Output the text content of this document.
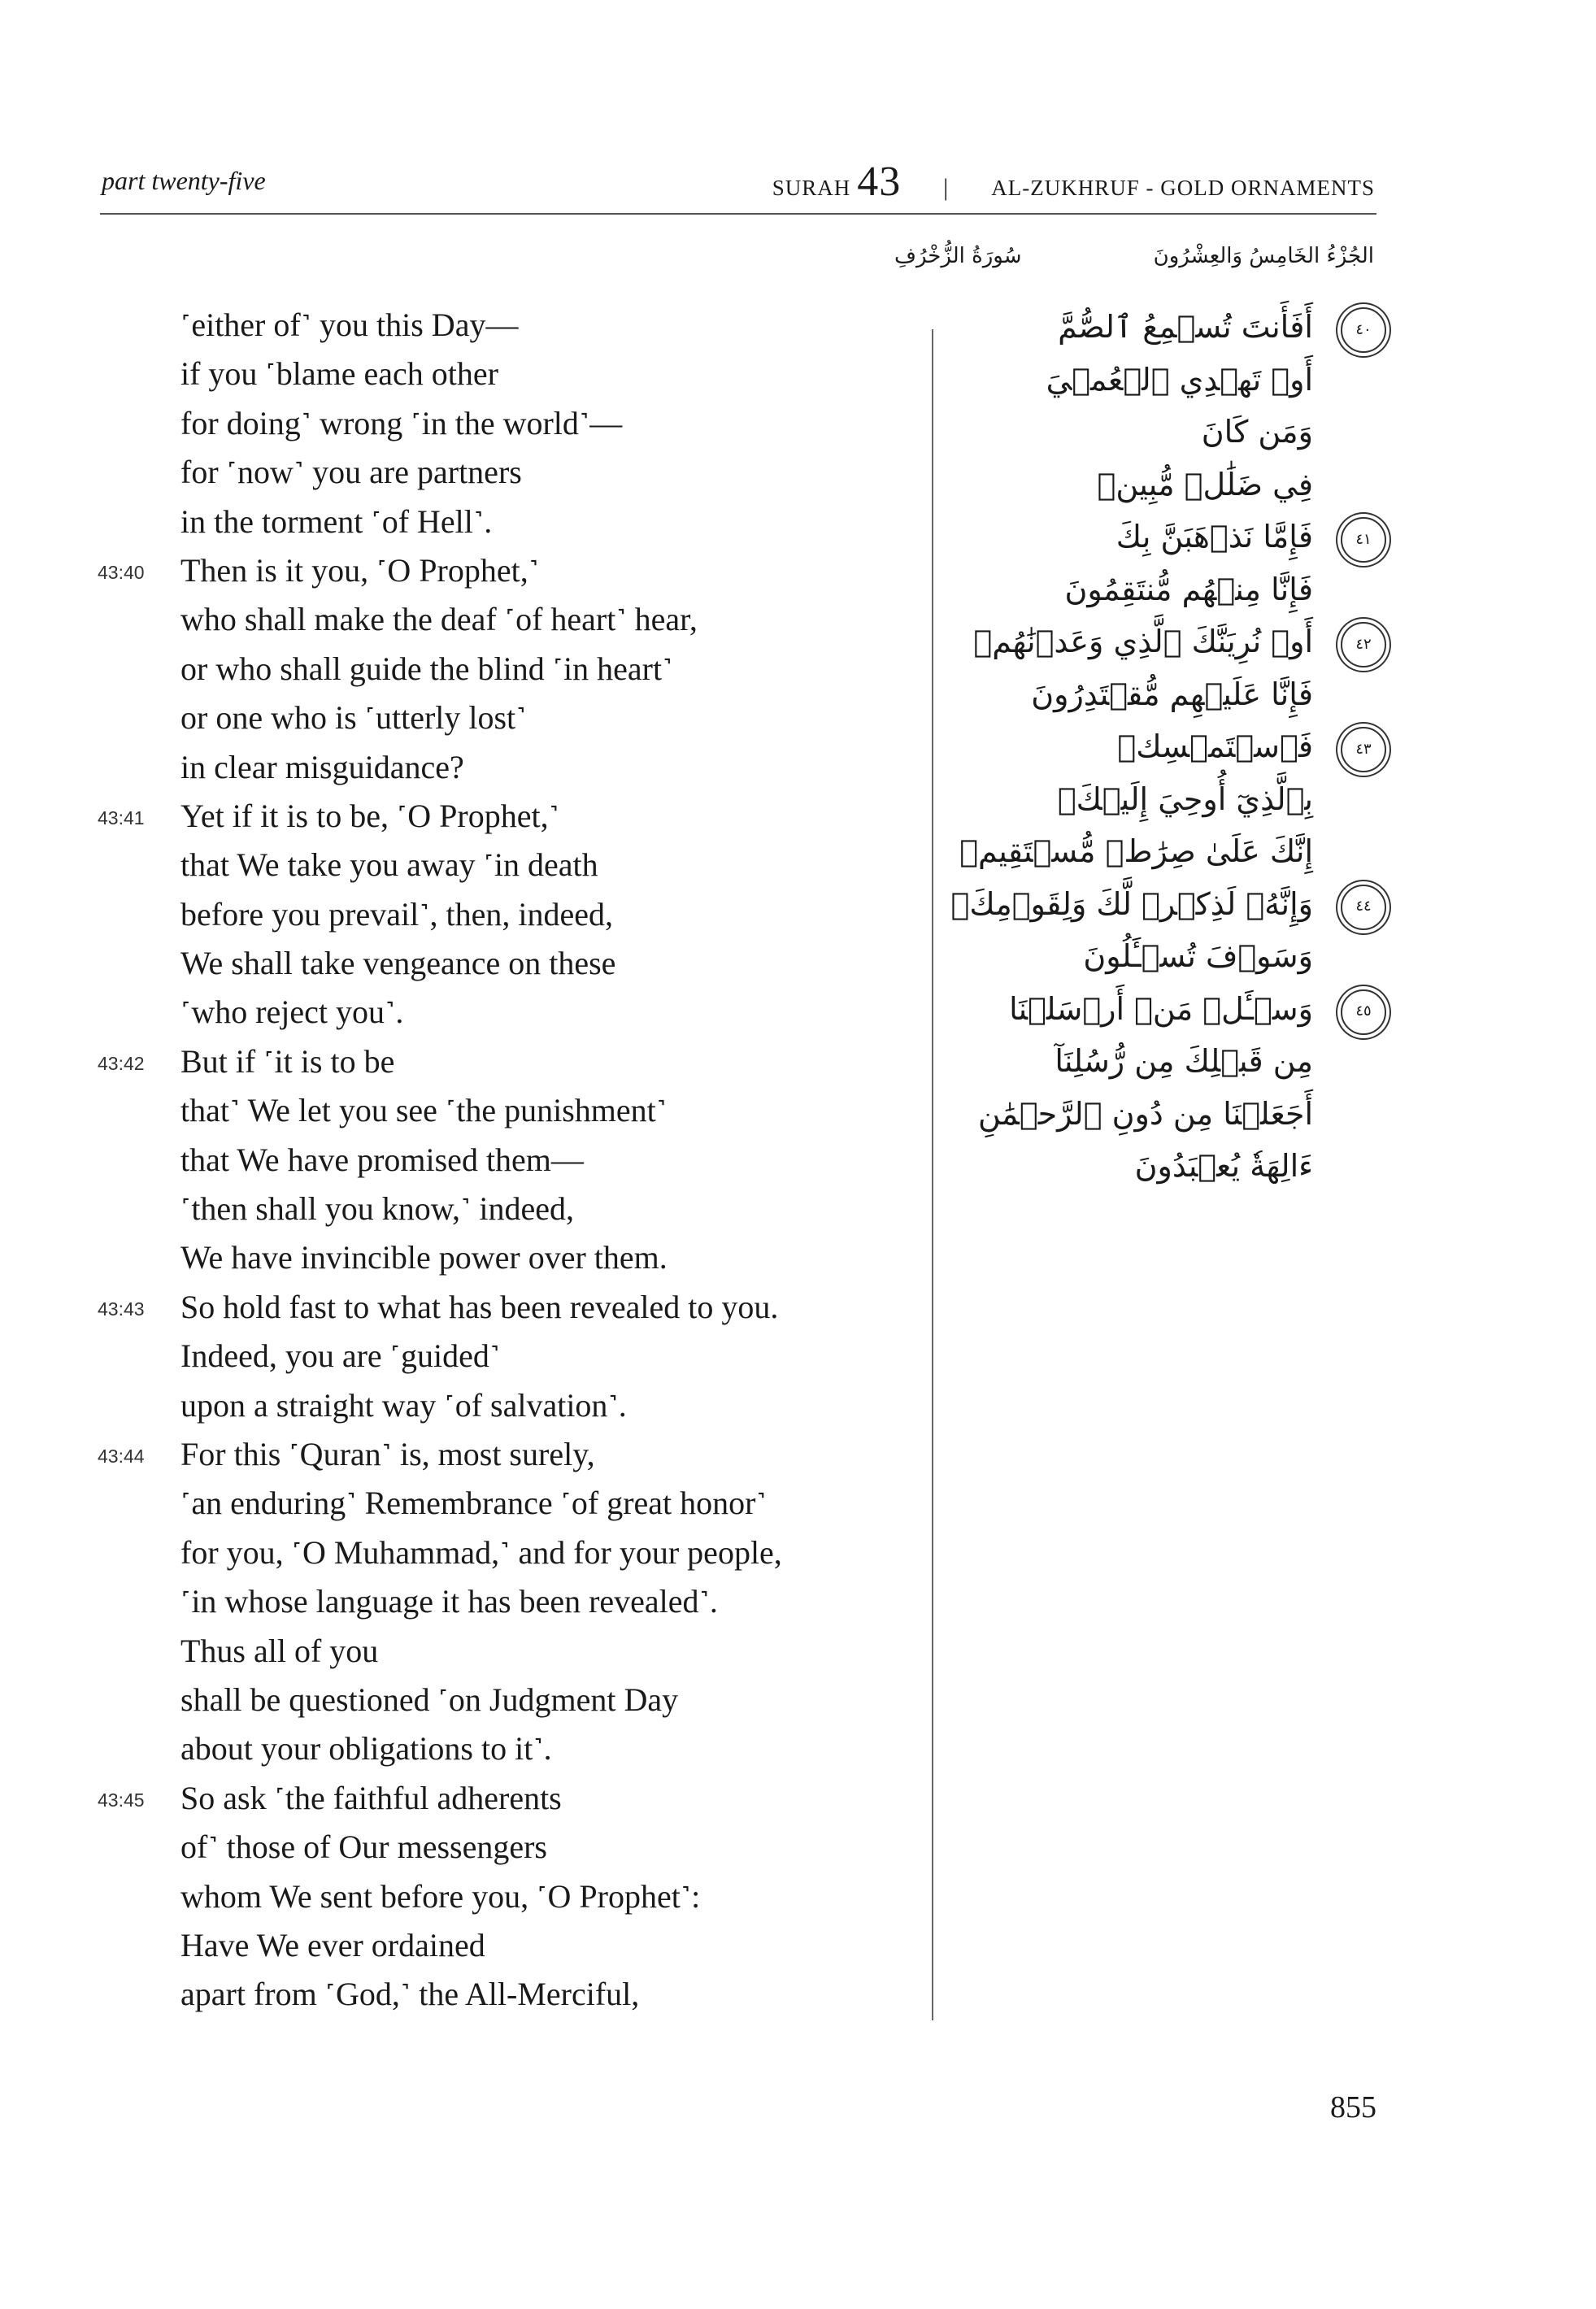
part twenty-five	SURAH 43 | AL-ZUKHRUF - GOLD ORNAMENTS
الجُزْءُ الخَامِسُ وَالعِشْرُونَ
سُورَةُ الزُّخْرُفِ
˹either of˺ you this Day—
if you ˹blame each other
for doing˺ wrong ˹in the world˺—
for ˹now˺ you are partners
in the torment ˹of Hell˺.
43:40 Then is it you, ˹O Prophet,˺
who shall make the deaf ˹of heart˺ hear,
or who shall guide the blind ˹in heart˺
or one who is ˹utterly lost˺
in clear misguidance?
43:41 Yet if it is to be, ˹O Prophet,˺
that We take you away ˹in death
before you prevail˺, then, indeed,
We shall take vengeance on these
˹who reject you˺.
43:42 But if ˹it is to be
that˺ We let you see ˹the punishment˺
that We have promised them—
˹then shall you know,˺ indeed,
We have invincible power over them.
43:43 So hold fast to what has been revealed to you.
Indeed, you are ˹guided˺
upon a straight way ˹of salvation˺.
43:44 For this ˹Quran˺ is, most surely,
˹an enduring˺ Remembrance ˹of great honor˺
for you, ˹O Muhammad,˺ and for your people,
˹in whose language it has been revealed˺.
Thus all of you
shall be questioned ˹on Judgment Day
about your obligations to it˺.
43:45 So ask ˹the faithful adherents
of˺ those of Our messengers
whom We sent before you, ˹O Prophet˺:
Have We ever ordained
apart from ˹God,˺ the All-Merciful,
٤٠
أَفَأَنتَ تُسۡمِعُ ٱلصُّمَّ
أَوۡ تَهۡدِي ٱلۡعُمۡيَ
وَمَن كَانَ
فِي ضَلَٰلٖ مُّبِينٖ
٤١
فَإِمَّا نَذۡهَبَنَّ بِكَ
فَإِنَّا مِنۡهُم مُّنتَقِمُونَ
٤٢
أَوۡ نُرِيَنَّكَ ٱلَّذِي وَعَدۡنَٰهُمۡ
فَإِنَّا عَلَيۡهِم مُّقۡتَدِرُونَ
٤٣
فَٱسۡتَمۡسِكۡ
بِٱلَّذِيٓ أُوحِيَ إِلَيۡكَۖ
إِنَّكَ عَلَىٰ صِرَٰطٖ مُّسۡتَقِيمٖ
٤٤
وَإِنَّهُۥ لَذِكۡرٞ لَّكَ وَلِقَوۡمِكَۖ
وَسَوۡفَ تُسۡـَٔلُونَ
٤٥
وَسۡـَٔلۡ مَنۡ أَرۡسَلۡنَا
مِن قَبۡلِكَ مِن رُّسُلِنَآ
أَجَعَلۡنَا مِن دُونِ ٱلرَّحۡمَٰنِ
ءَالِهَةٗ يُعۡبَدُونَ
855
